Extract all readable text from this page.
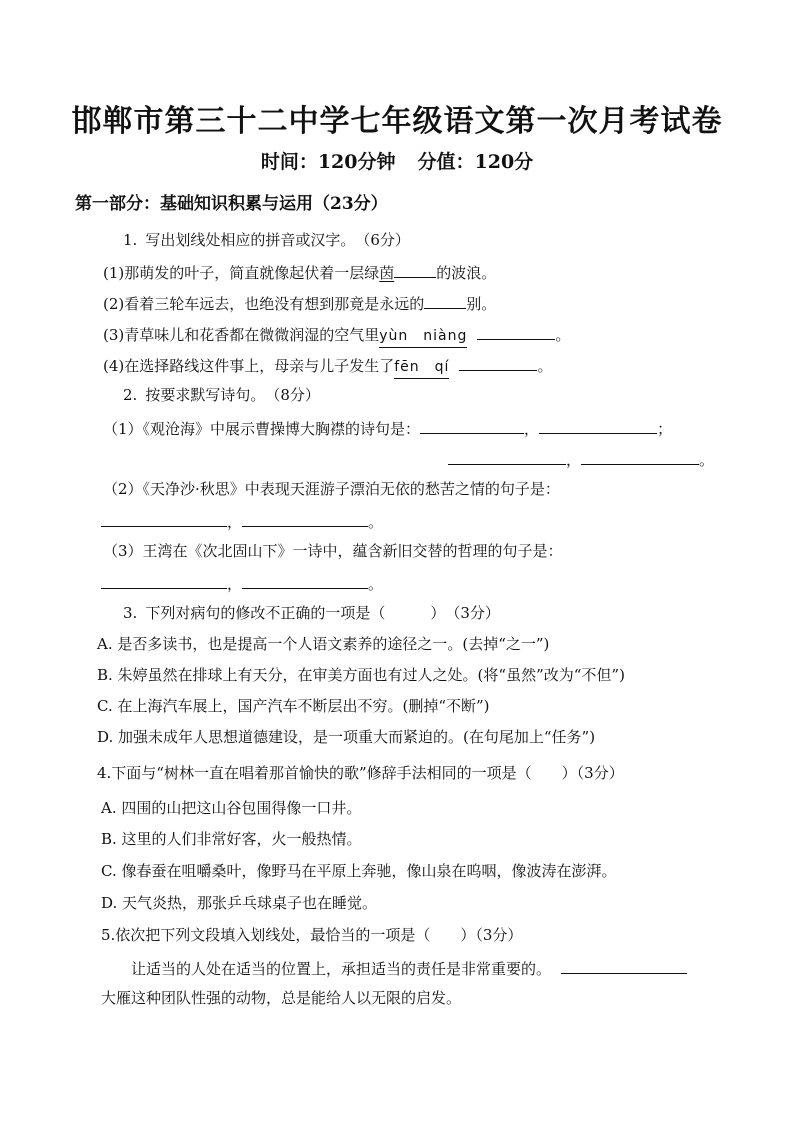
邯郸市第三十二中学七年级语文第一次月考试卷
时间：120分钟 分值：120分
第一部分：基础知识积累与运用（23分）
1. 写出划线处相应的拼音或汉字。　（6分）
(1)那萌发的叶子，简直就像起伏着一层绿茵	的波浪。
(2)看着三轮车远去，也绝没有想到那竟是永远的	别。
(3)青草味儿和花香都在微微润湿的空气里yùn　niàng	。
(4)在选择路线这件事上，母亲与儿子发生了fēn　qí	。
2. 按要求默写诗句。　（8分）
（1）《观沧海》中展示曹操博大胸襟的诗句是：	，	；
，	。
（2）《天净沙·秋思》中表现天涯游子漂泊无依的愁苦之情的句子是：
，	。
（3）王湾在《次北固山下》一诗中，蕴含新旧交替的哲理的句子是：
，	。
3. 下列对病句的修改不正确的一项是（　　　）　（3分）
A. 是否多读书，也是提高一个人语文素养的途径之一。(去掉“之一”)
B. 朱婷虽然在排球上有天分，在审美方面也有过人之处。(将“虽然”改为“不但”)
C. 在上海汽车展上，国产汽车不断层出不穷。(删掉“不断”)
D. 加强未成年人思想道德建设，是一项重大而紧迫的。(在句尾加上“任务”)
4.下面与“树林一直在唱着那首愉快的歌”修辞手法相同的一项是（　　）（3分）
A. 四围的山把这山谷包围得像一口井。
B. 这里的人们非常好客，火一般热情。
C. 像春蚕在咀嚼桑叶，像野马在平原上奔驰，像山泉在呜咽，像波涛在澎湃。
D. 天气炎热，那张乒乓球桌子也在睡觉。
5.依次把下列文段填入划线处，最恰当的一项是（　　）（3分）
让适当的人处在适当的位置上，承担适当的责任是非常重要的。
大雁这种团队性强的动物，总是能给人以无限的启发。
